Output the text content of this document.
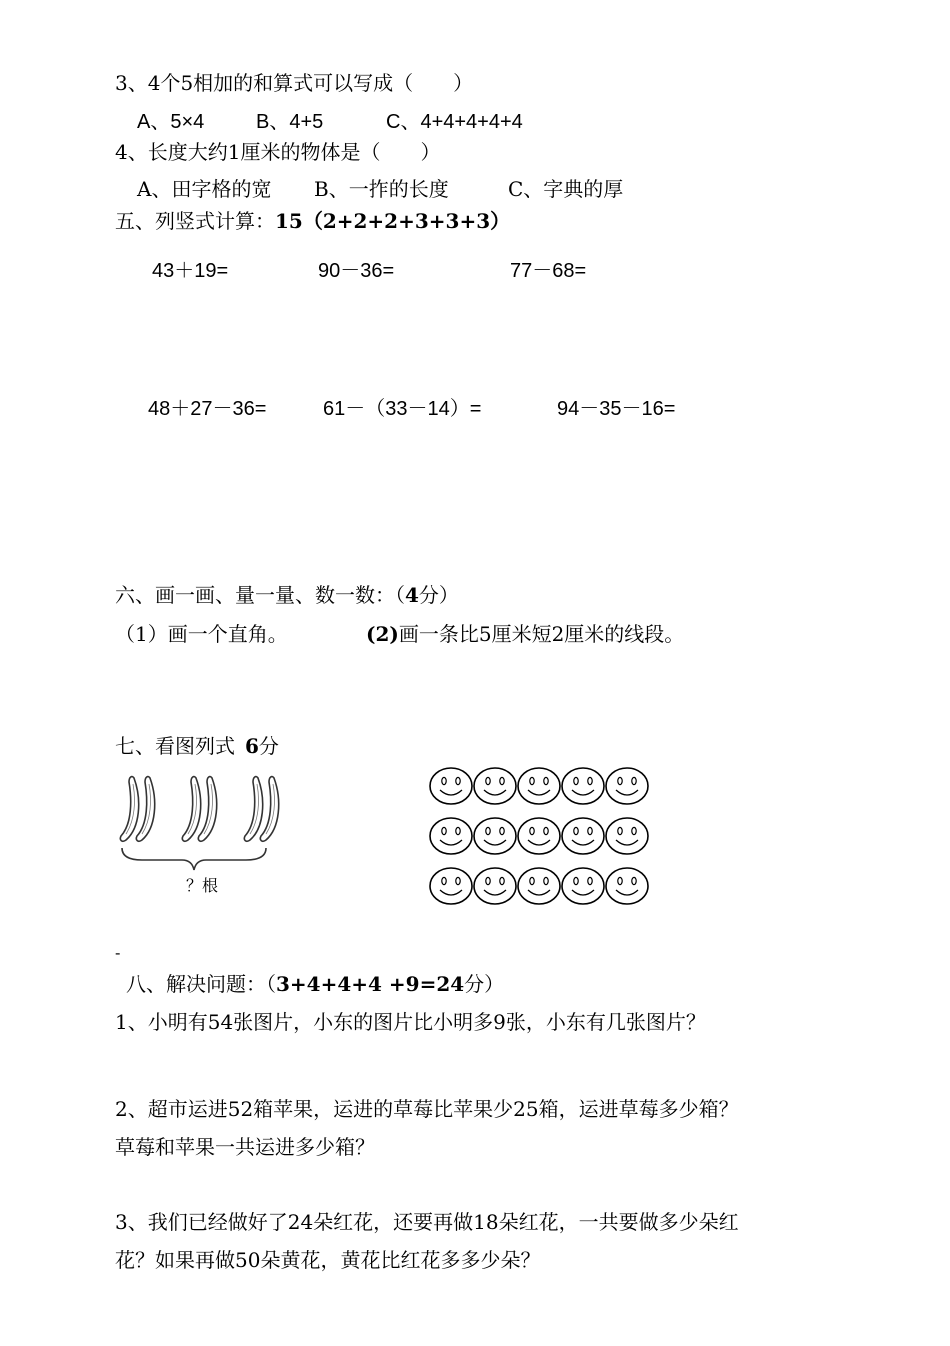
3、4个5相加的和算式可以写成（　　）
A、5×4	B、4+5	C、4+4+4+4+4
4、长度大约1厘米的物体是（　　）
A、田字格的宽 B、一拃的长度	C、字典的厚
五、列竖式计算：15（2+2+2+3+3+3）
43＋19=	90－36=	77－68=
48＋27－36=	61－（33－14）=	94－35－16=
六、画一画、量一量、数一数：（4分）
（1）画一个直角。	(2)画一条比5厘米短2厘米的线段。
七、看图列式 6分
？根
-
八、解决问题：（3+4+4+4 +9=24分）
1、小明有54张图片，小东的图片比小明多9张，小东有几张图片？
2、超市运进52箱苹果，运进的草莓比苹果少25箱，运进草莓多少箱？
草莓和苹果一共运进多少箱？
3、我们已经做好了24朵红花，还要再做18朵红花，一共要做多少朵红
花？如果再做50朵黄花，黄花比红花多多少朵？
